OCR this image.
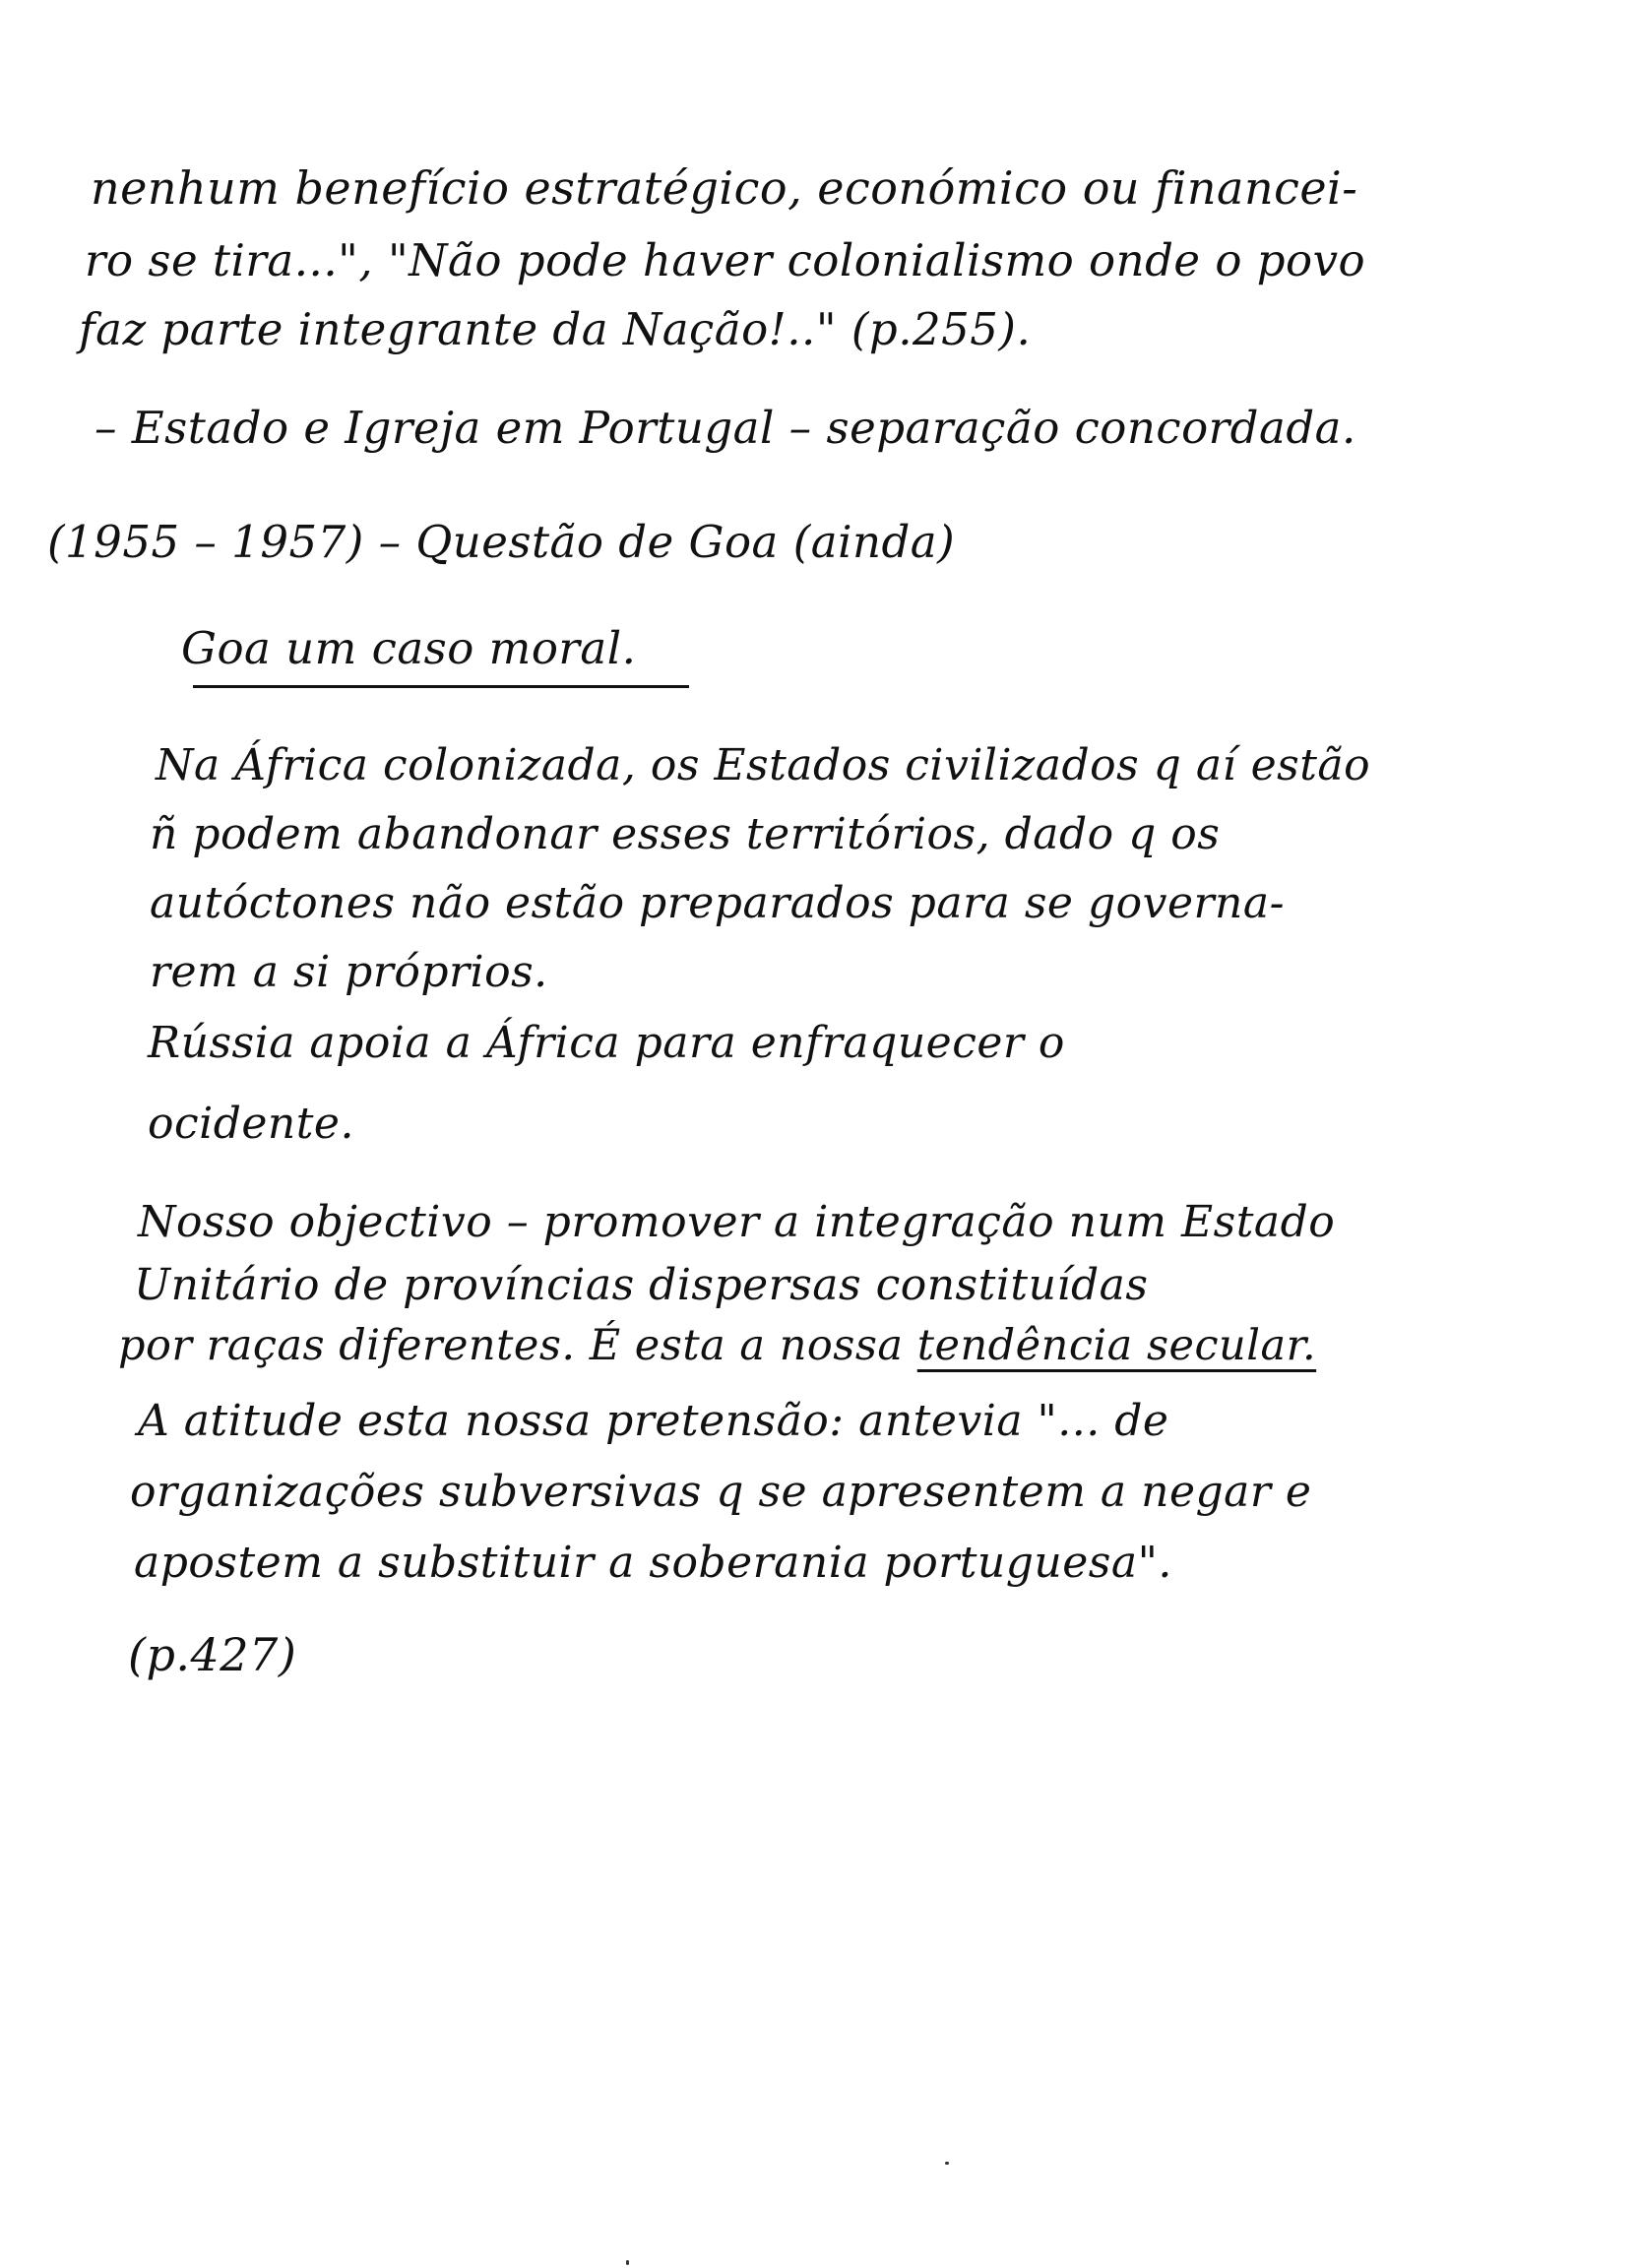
nenhum benefício estratégico, económico ou financei-

ro se tira...", "Não pode haver colonialismo onde o povo

faz parte integrante da Nação!.." (p.255).

– Estado e Igreja em Portugal – separação concordada.

(1955 – 1957) – Questão de Goa (ainda)

Goa um caso moral.

Na África colonizada, os Estados civilizados q aí estão

ñ podem abandonar esses territórios, dado q os

autóctones não estão preparados para se governa-

rem a si próprios.

Rússia apoia a África para enfraquecer o

ocidente.

Nosso objectivo – promover a integração num Estado

Unitário de províncias dispersas constituídas

por raças diferentes. É esta a nossa tendência secular.

A atitude esta nossa pretensão: antevia "... de

organizações subversivas q se apresentem a negar e

apostem a substituir a soberania portuguesa".

(p.427)
